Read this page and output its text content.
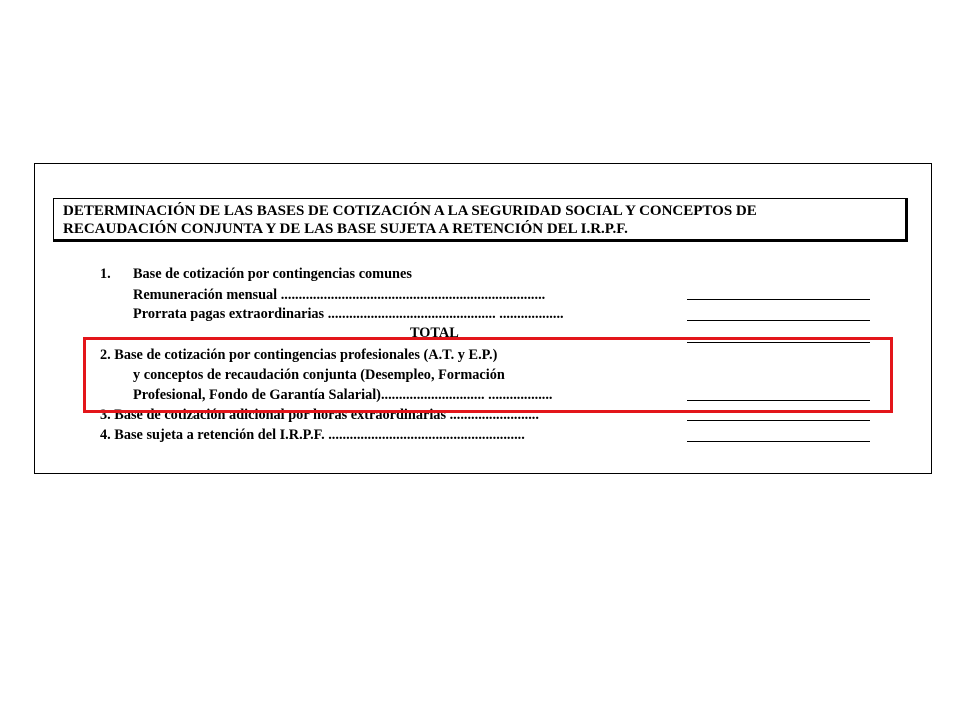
DETERMINACIÓN DE LAS BASES DE COTIZACIÓN A LA SEGURIDAD SOCIAL Y CONCEPTOS DE
RECAUDACIÓN CONJUNTA Y DE LAS BASE SUJETA A RETENCIÓN DEL I.R.P.F.
1. Base de cotización por contingencias comunes
Remuneración mensual ..........................................................................
Prorrata pagas extraordinarias ............................................... ..................
TOTAL
2. Base de cotización por contingencias profesionales (A.T. y E.P.)
y conceptos de recaudación conjunta (Desempleo, Formación
Profesional, Fondo de Garantía Salarial)............................. ..................
3. Base de cotización adicional por horas extraordinarias .........................
4. Base sujeta a retención del I.R.P.F. .......................................................
